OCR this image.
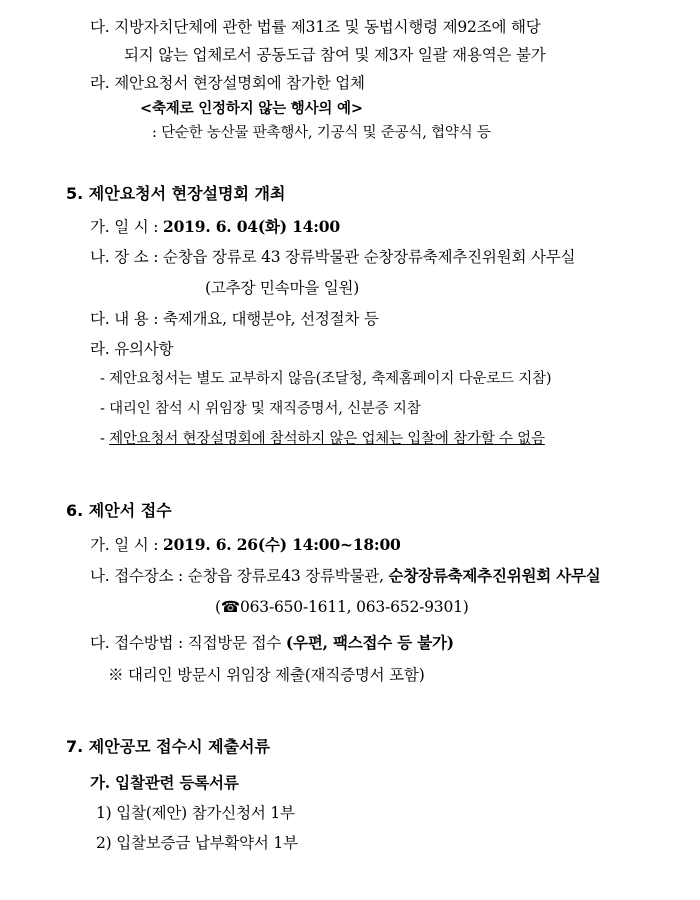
다. 지방자치단체에 관한 법률 제31조 및 동법시행령 제92조에 해당
되지 않는 업체로서 공동도급 참여 및 제3자 일괄 재용역은 불가
라. 제안요청서 현장설명회에 참가한 업체
<축제로 인정하지 않는 행사의 예>
: 단순한 농산물 판촉행사, 기공식 및 준공식, 협약식 등
5. 제안요청서 현장설명회 개최
가. 일 시 : 2019. 6. 04(화) 14:00
나. 장 소 : 순창읍 장류로 43 장류박물관 순창장류축제추진위원회 사무실
(고추장 민속마을 일원)
다. 내 용 : 축제개요, 대행분야, 선정절차 등
라. 유의사항
- 제안요청서는 별도 교부하지 않음(조달청, 축제홈페이지 다운로드 지참)
- 대리인 참석 시 위임장 및 재직증명서, 신분증 지참
- 제안요청서 현장설명회에 참석하지 않은 업체는 입찰에 참가할 수 없음
6. 제안서 접수
가. 일 시 : 2019. 6. 26(수) 14:00~18:00
나. 접수장소 : 순창읍 장류로43 장류박물관, 순창장류축제추진위원회 사무실
(☎063-650-1611, 063-652-9301)
다. 접수방법 : 직접방문 접수 (우편, 팩스접수 등 불가)
※ 대리인 방문시 위임장 제출(재직증명서 포함)
7. 제안공모 접수시 제출서류
가. 입찰관련 등록서류
1) 입찰(제안) 참가신청서 1부
2) 입찰보증금 납부확약서 1부
